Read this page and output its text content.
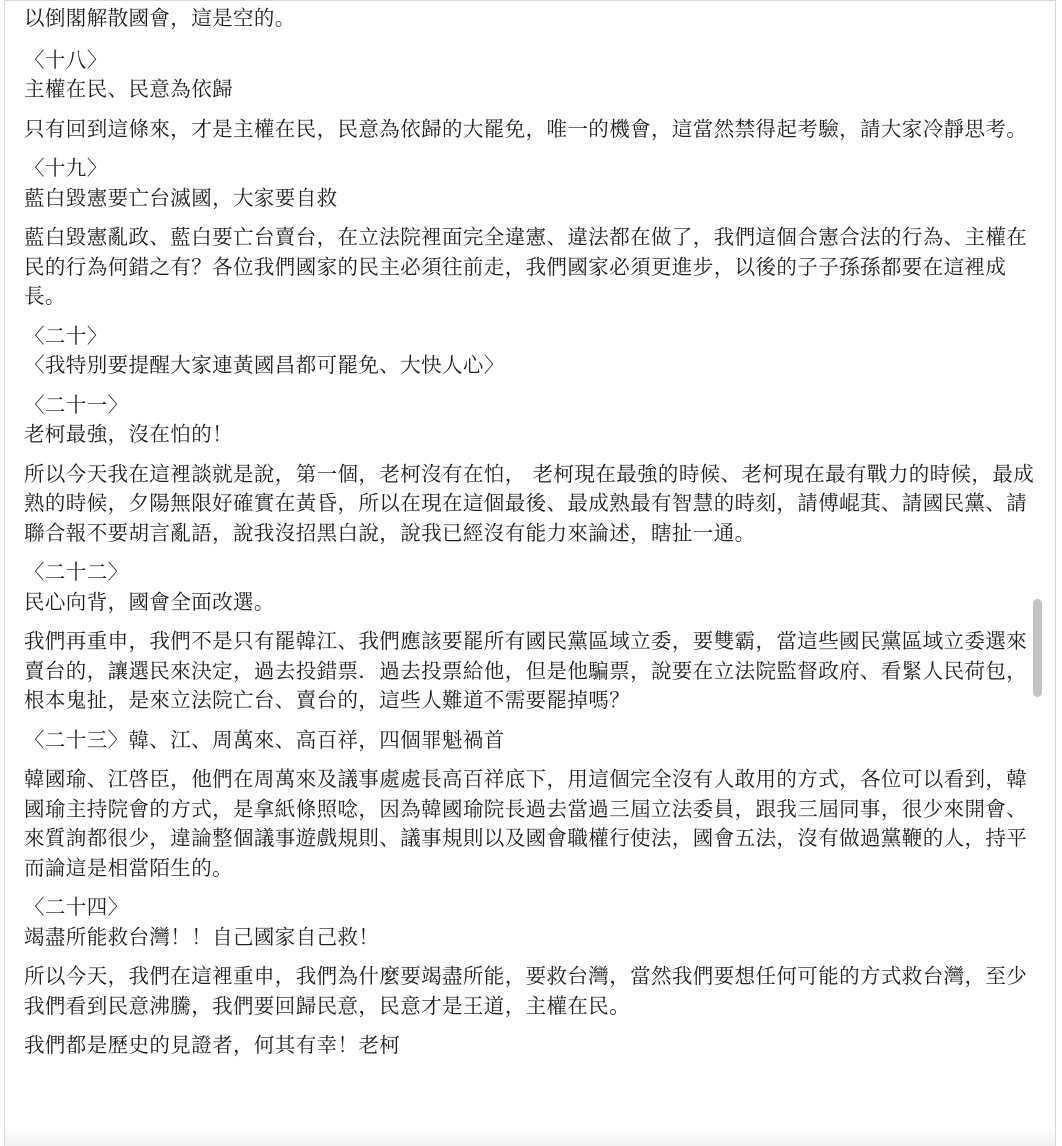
以倒閣解散國會，這是空的。

〈十八〉

主權在民、民意為依歸

只有回到這條來，才是主權在民，民意為依歸的大罷免，唯一的機會，這當然禁得起考驗，請大家冷靜思考。

〈十九〉

藍白毀憲要亡台滅國，大家要自救

藍白毀憲亂政、藍白要亡台賣台，在立法院裡面完全違憲、違法都在做了，我們這個合憲合法的行為、主權在民的行為何錯之有？各位我們國家的民主必須往前走，我們國家必須更進步，以後的子子孫孫都要在這裡成長。

〈二十〉

〈我特別要提醒大家連黃國昌都可罷免、大快人心〉

〈二十一〉

老柯最強，沒在怕的！

所以今天我在這裡談就是說，第一個，老柯沒有在怕， 老柯現在最強的時候、老柯現在最有戰力的時候，最成熟的時候，夕陽無限好確實在黃昏，所以在現在這個最後、最成熟最有智慧的時刻，請傅崐萁、請國民黨、請聯合報不要胡言亂語，說我沒招黑白說，說我已經沒有能力來論述，瞎扯一通。

〈二十二〉

民心向背，國會全面改選。

我們再重申，我們不是只有罷韓江、我們應該要罷所有國民黨區域立委，要雙霸，當這些國民黨區域立委選來賣台的，讓選民來決定，過去投錯票．過去投票給他，但是他騙票，說要在立法院監督政府、看緊人民荷包，根本鬼扯，是來立法院亡台、賣台的，這些人難道不需要罷掉嗎？

〈二十三〉韓、江、周萬來、高百祥，四個罪魁禍首

韓國瑜、江啓臣，他們在周萬來及議事處處長高百祥底下，用這個完全沒有人敢用的方式，各位可以看到，韓國瑜主持院會的方式，是拿紙條照唸，因為韓國瑜院長過去當過三屆立法委員，跟我三屆同事，很少來開會、來質詢都很少，違論整個議事遊戲規則、議事規則以及國會職權行使法，國會五法，沒有做過黨鞭的人，持平而論這是相當陌生的。

〈二十四〉

竭盡所能救台灣！！自己國家自己救！

所以今天，我們在這裡重申，我們為什麼要竭盡所能，要救台灣，當然我們要想任何可能的方式救台灣，至少我們看到民意沸騰，我們要回歸民意，民意才是王道，主權在民。

我們都是歷史的見證者，何其有幸！老柯
